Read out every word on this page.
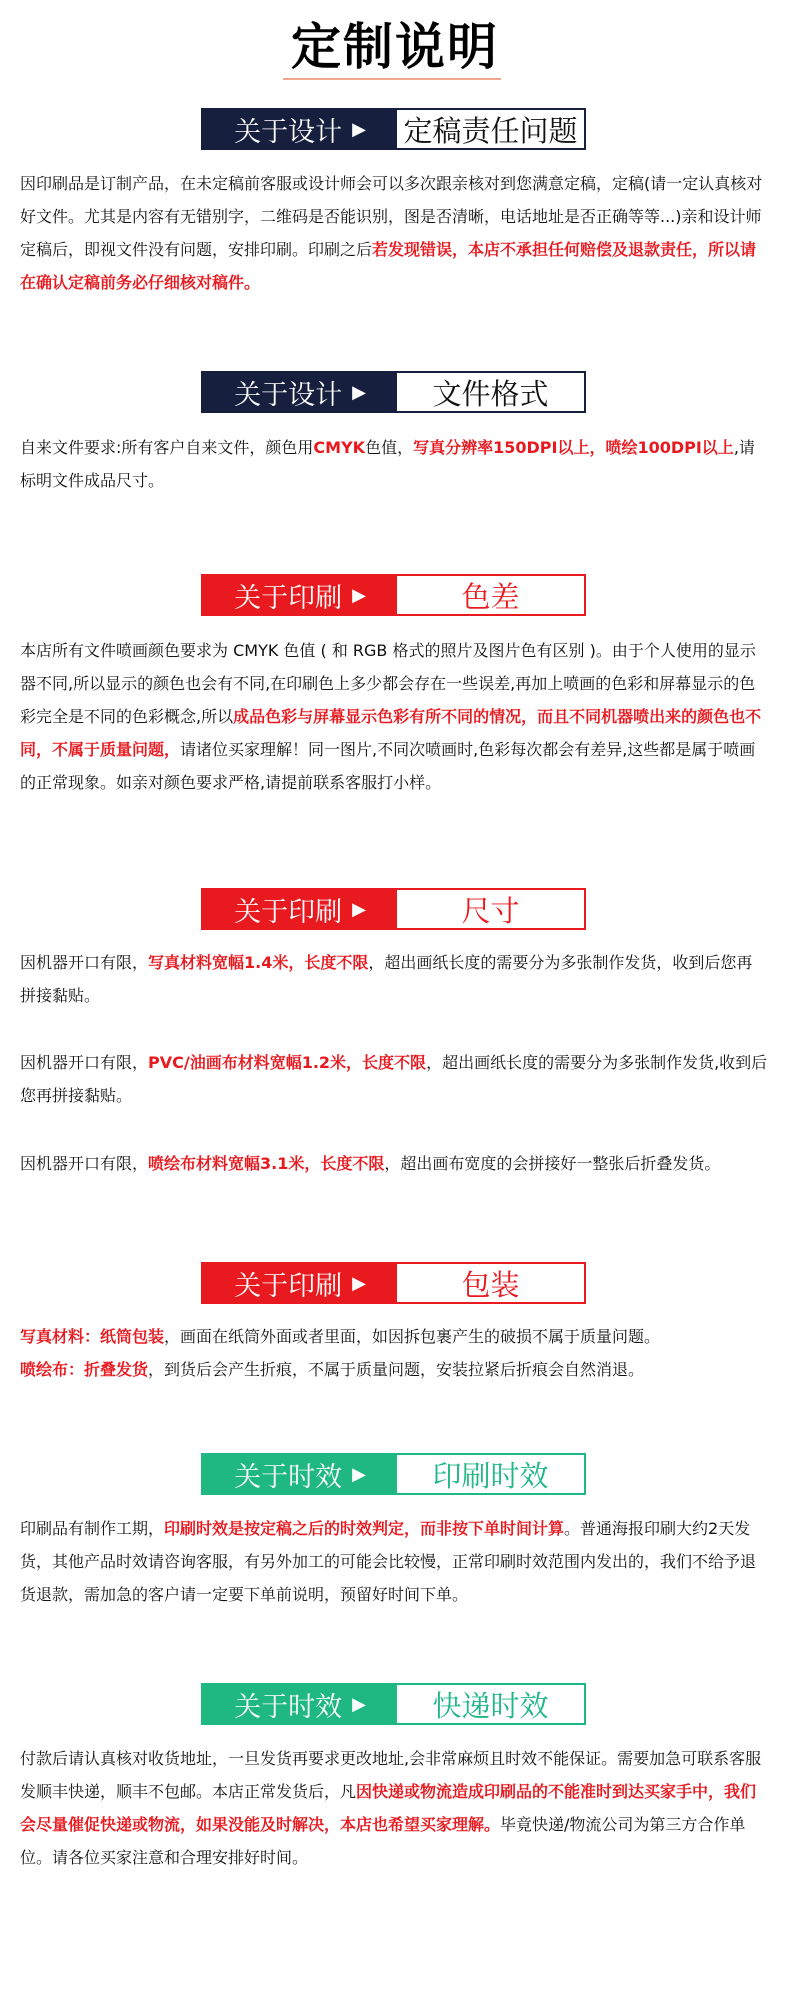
定制说明
关于设计 ▶ 定稿责任问题
因印刷品是订制产品，在未定稿前客服或设计师会可以多次跟亲核对到您满意定稿，定稿(请一定认真核对好文件。尤其是内容有无错别字，二维码是否能识别，图是否清晰，电话地址是否正确等等...)亲和设计师定稿后，即视文件没有问题，安排印刷。印刷之后若发现错误，本店不承担任何赔偿及退款责任，所以请在确认定稿前务必仔细核对稿件。
关于设计 ▶	文件格式
自来文件要求:所有客户自来文件，颜色用CMYK色值，写真分辨率150DPI以上，喷绘100DPI以上,请标明文件成品尺寸。
关于印刷 ▶	色差
本店所有文件喷画颜色要求为 CMYK 色值 ( 和 RGB 格式的照片及图片色有区别 )。由于个人使用的显示器不同,所以显示的颜色也会有不同,在印刷色上多少都会存在一些误差,再加上喷画的色彩和屏幕显示的色彩完全是不同的色彩概念,所以成品色彩与屏幕显示色彩有所不同的情况，而且不同机器喷出来的颜色也不同，不属于质量问题，请诸位买家理解！同一图片,不同次喷画时,色彩每次都会有差异,这些都是属于喷画的正常现象。如亲对颜色要求严格,请提前联系客服打小样。
关于印刷 ▶	尺寸
因机器开口有限，写真材料宽幅1.4米，长度不限，超出画纸长度的需要分为多张制作发货，收到后您再拼接黏贴。
因机器开口有限，PVC/油画布材料宽幅1.2米，长度不限，超出画纸长度的需要分为多张制作发货,收到后您再拼接黏贴。
因机器开口有限，喷绘布材料宽幅3.1米，长度不限，超出画布宽度的会拼接好一整张后折叠发货。
关于印刷 ▶	包装
写真材料：纸筒包装，画面在纸筒外面或者里面，如因拆包裹产生的破损不属于质量问题。
喷绘布：折叠发货，到货后会产生折痕，不属于质量问题，安装拉紧后折痕会自然消退。
关于时效 ▶	印刷时效
印刷品有制作工期，印刷时效是按定稿之后的时效判定，而非按下单时间计算。普通海报印刷大约2天发货，其他产品时效请咨询客服，有另外加工的可能会比较慢，正常印刷时效范围内发出的，我们不给予退货退款，需加急的客户请一定要下单前说明，预留好时间下单。
关于时效 ▶	快递时效
付款后请认真核对收货地址，一旦发货再要求更改地址,会非常麻烦且时效不能保证。需要加急可联系客服发顺丰快递，顺丰不包邮。本店正常发货后，凡因快递或物流造成印刷品的不能准时到达买家手中，我们会尽量催促快递或物流，如果没能及时解决，本店也希望买家理解。毕竟快递/物流公司为第三方合作单位。请各位买家注意和合理安排好时间。
